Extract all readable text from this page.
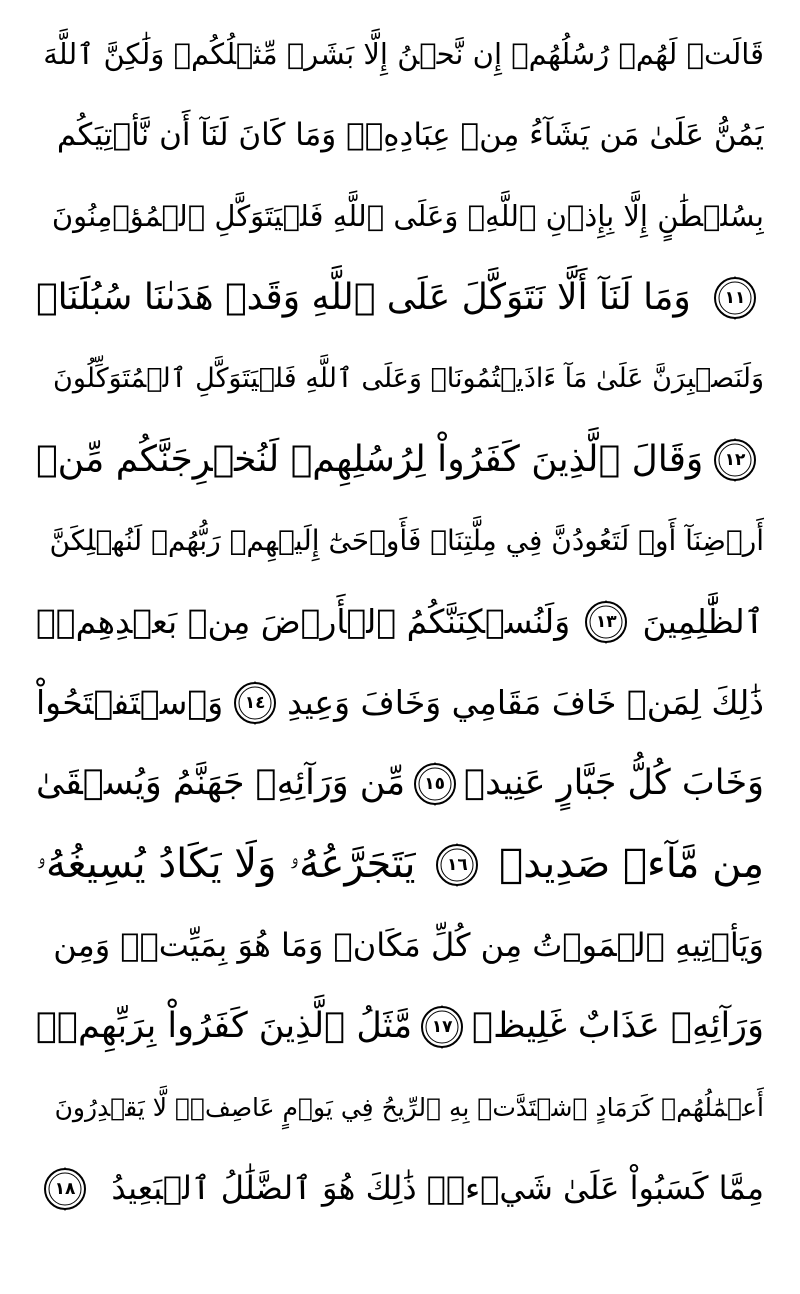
قَالَتۡ لَهُمۡ رُسُلُهُمۡ إِن نَّحۡنُ إِلَّا بَشَرٞ مِّثۡلُكُمۡ وَلَٰكِنَّ ٱللَّهَ
يَمُنُّ عَلَىٰ مَن يَشَآءُ مِنۡ عِبَادِهِۦۖ وَمَا كَانَ لَنَآ أَن نَّأۡتِيَكُم
بِسُلۡطَٰنٍ إِلَّا بِإِذۡنِ ٱللَّهِۚ وَعَلَى ٱللَّهِ فَلۡيَتَوَكَّلِ ٱلۡمُؤۡمِنُونَ
١١
وَمَا لَنَآ أَلَّا نَتَوَكَّلَ عَلَى ٱللَّهِ وَقَدۡ هَدَىٰنَا سُبُلَنَاۚ
وَلَنَصۡبِرَنَّ عَلَىٰ مَآ ءَاذَيۡتُمُونَاۚ وَعَلَى ٱللَّهِ فَلۡيَتَوَكَّلِ ٱلۡمُتَوَكِّلُونَ
١٢
وَقَالَ ٱلَّذِينَ كَفَرُواْ لِرُسُلِهِمۡ لَنُخۡرِجَنَّكُم مِّنۡ
أَرۡضِنَآ أَوۡ لَتَعُودُنَّ فِي مِلَّتِنَاۖ فَأَوۡحَىٰٓ إِلَيۡهِمۡ رَبُّهُمۡ لَنُهۡلِكَنَّ
ٱلظَّٰلِمِينَ
١٣
وَلَنُسۡكِنَنَّكُمُ ٱلۡأَرۡضَ مِنۢ بَعۡدِهِمۡۚ
ذَٰلِكَ لِمَنۡ خَافَ مَقَامِي وَخَافَ وَعِيدِ
١٤
وَٱسۡتَفۡتَحُواْ
وَخَابَ كُلُّ جَبَّارٍ عَنِيدٖ
١٥
مِّن وَرَآئِهِۦ جَهَنَّمُ وَيُسۡقَىٰ
مِن مَّآءٖ صَدِيدٖ
١٦
يَتَجَرَّعُهُۥ وَلَا يَكَادُ يُسِيغُهُۥ
وَيَأۡتِيهِ ٱلۡمَوۡتُ مِن كُلِّ مَكَانٖ وَمَا هُوَ بِمَيِّتٖۖ وَمِن
وَرَآئِهِۦ عَذَابٌ غَلِيظٞ
١٧
مَّثَلُ ٱلَّذِينَ كَفَرُواْ بِرَبِّهِمۡۖ
أَعۡمَٰلُهُمۡ كَرَمَادٍ ٱشۡتَدَّتۡ بِهِ ٱلرِّيحُ فِي يَوۡمٍ عَاصِفٖۖ لَّا يَقۡدِرُونَ
مِمَّا كَسَبُواْ عَلَىٰ شَيۡءٖۚ ذَٰلِكَ هُوَ ٱلضَّلَٰلُ ٱلۡبَعِيدُ
١٨
